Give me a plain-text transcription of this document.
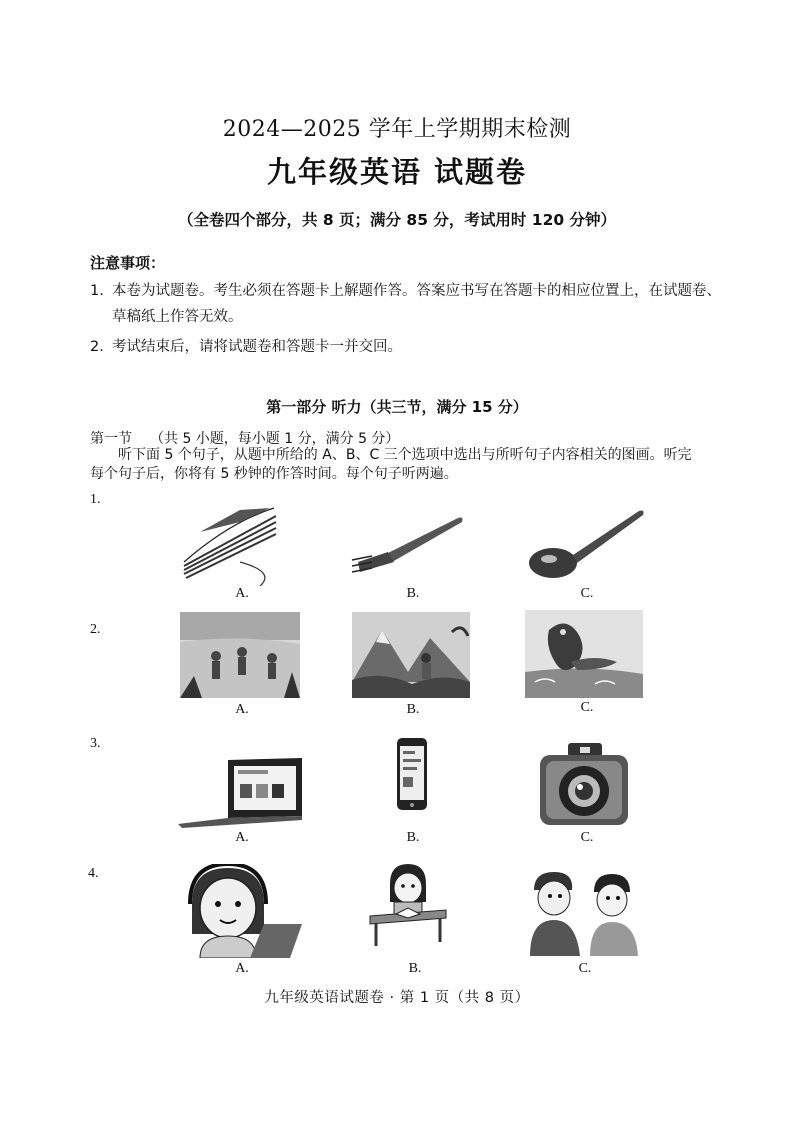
2024—2025 学年上学期期末检测
九年级英语 试题卷
（全卷四个部分，共 8 页；满分 85 分，考试用时 120 分钟）
注意事项：
1. 本卷为试题卷。考生必须在答题卡上解题作答。答案应书写在答题卡的相应位置上，在试题卷、
草稿纸上作答无效。
2. 考试结束后，请将试题卷和答题卡一并交回。
第一部分 听力（共三节，满分 15 分）
第一节 （共 5 小题，每小题 1 分，满分 5 分）
听下面 5 个句子，从题中所给的 A、B、C 三个选项中选出与所听句子内容相关的图画。听完
每个句子后，你将有 5 秒钟的作答时间。每个句子听两遍。
1.
A.	B.	C.
2.
A.	B.	C.
3.
A.	B.	C.
4.
A.	B.	C.
九年级英语试题卷 · 第 1 页（共 8 页）
